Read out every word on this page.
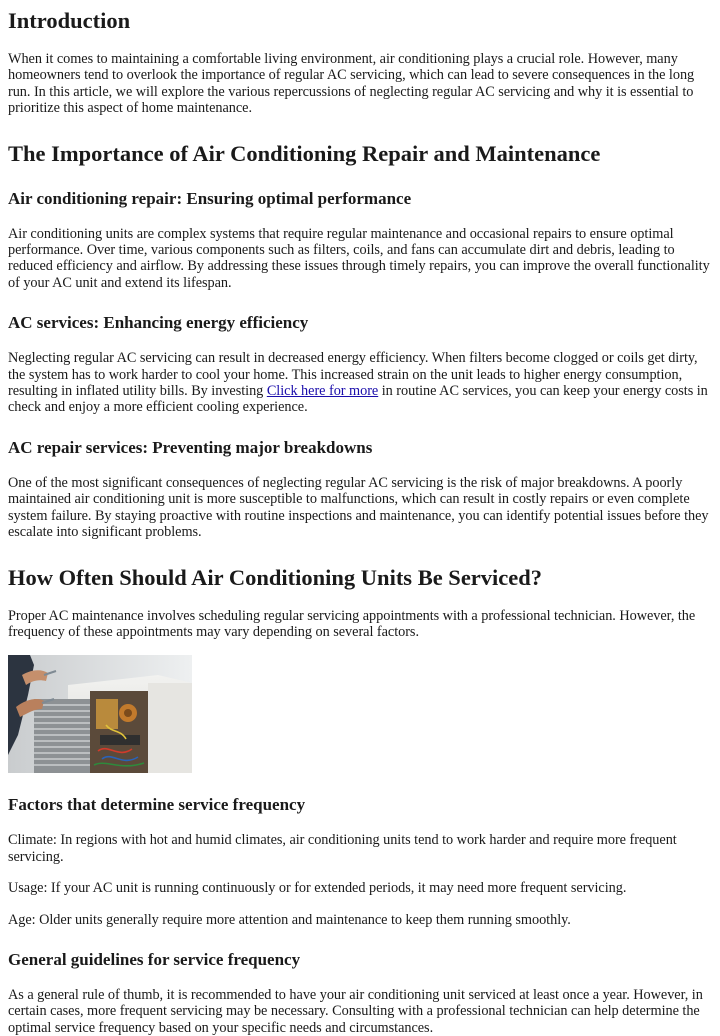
Introduction

When it comes to maintaining a comfortable living environment, air conditioning plays a crucial role. However, many homeowners tend to overlook the importance of regular AC servicing, which can lead to severe consequences in the long run. In this article, we will explore the various repercussions of neglecting regular AC servicing and why it is essential to prioritize this aspect of home maintenance.

The Importance of Air Conditioning Repair and Maintenance
Air conditioning repair: Ensuring optimal performance

Air conditioning units are complex systems that require regular maintenance and occasional repairs to ensure optimal performance. Over time, various components such as filters, coils, and fans can accumulate dirt and debris, leading to reduced efficiency and airflow. By addressing these issues through timely repairs, you can improve the overall functionality of your AC unit and extend its lifespan.

AC services: Enhancing energy efficiency

Neglecting regular AC servicing can result in decreased energy efficiency. When filters become clogged or coils get dirty, the system has to work harder to cool your home. This increased strain on the unit leads to higher energy consumption, resulting in inflated utility bills. By investing Click here for more in routine AC services, you can keep your energy costs in check and enjoy a more efficient cooling experience.

AC repair services: Preventing major breakdowns

One of the most significant consequences of neglecting regular AC servicing is the risk of major breakdowns. A poorly maintained air conditioning unit is more susceptible to malfunctions, which can result in costly repairs or even complete system failure. By staying proactive with routine inspections and maintenance, you can identify potential issues before they escalate into significant problems.

How Often Should Air Conditioning Units Be Serviced?

Proper AC maintenance involves scheduling regular servicing appointments with a professional technician. However, the frequency of these appointments may vary depending on several factors.

Factors that determine service frequency

Climate: In regions with hot and humid climates, air conditioning units tend to work harder and require more frequent servicing.

Usage: If your AC unit is running continuously or for extended periods, it may need more frequent servicing.

Age: Older units generally require more attention and maintenance to keep them running smoothly.

General guidelines for service frequency

As a general rule of thumb, it is recommended to have your air conditioning unit serviced at least once a year. However, in certain cases, more frequent servicing may be necessary. Consulting with a professional technician can help determine the optimal service frequency based on your specific needs and circumstances.
